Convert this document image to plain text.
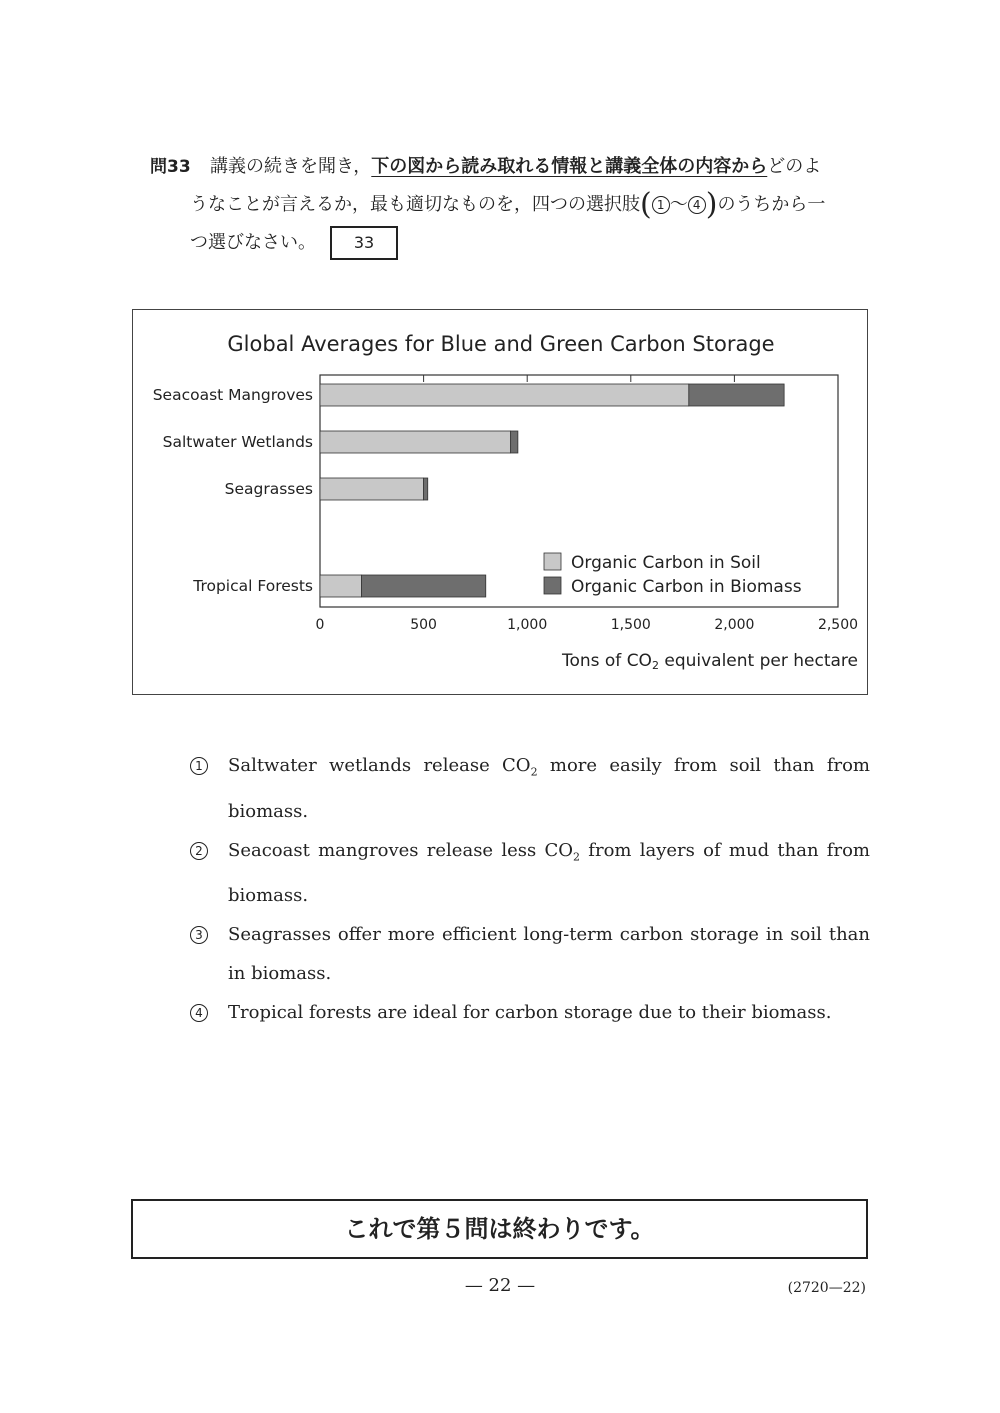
問33 講義の続きを聞き，下の図から読み取れる情報と講義全体の内容からどのよ
うなことが言えるか，最も適切なものを，四つの選択肢( 1 ～ 4 )のうちから一
つ選びなさい。 33
Global Averages for Blue and Green Carbon Storage
0	500	1,000	1,500	2,000	2,500
Seacoast Mangroves
Saltwater Wetlands
Seagrasses
Tropical Forests
Organic Carbon in Soil
Organic Carbon in Biomass
Tons of CO2 equivalent per hectare
1 Saltwater wetlands release $CO_2$ more easily from soil than from biomass.
2 Seacoast mangroves release less $CO_2$ from layers of mud than from biomass.
3 Seagrasses offer more efficient long-term carbon storage in soil than in biomass.
4 Tropical forests are ideal for carbon storage due to their biomass.
これで第５問は終わりです。
— 22 —	(2720—22)
